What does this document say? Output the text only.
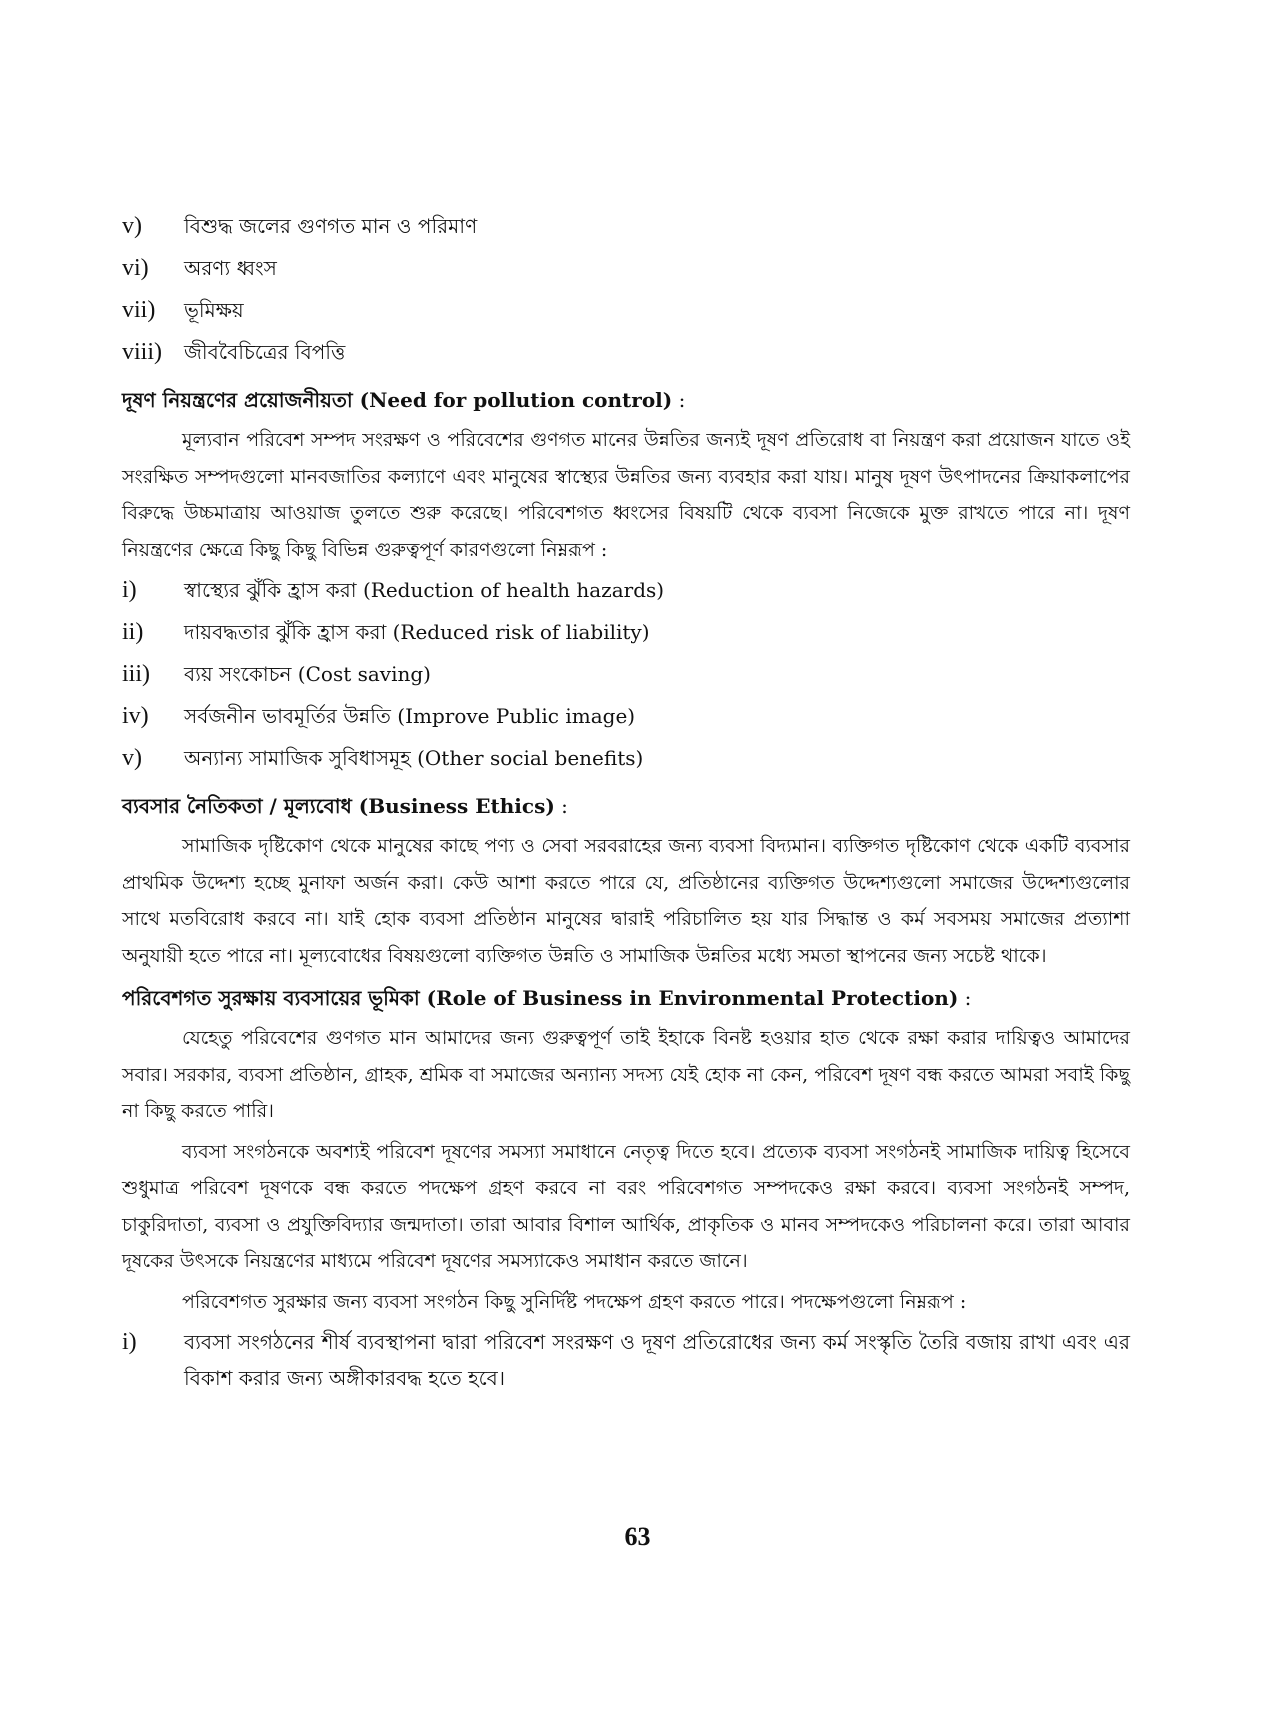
v)	বিশুদ্ধ জলের গুণগত মান ও পরিমাণ
vi)	অরণ্য ধ্বংস
vii)	ভূমিক্ষয়
viii)	জীববৈচিত্রের বিপত্তি
দূষণ নিয়ন্ত্রণের প্রয়োজনীয়তা (Need for pollution control) :

মূল্যবান পরিবেশ সম্পদ সংরক্ষণ ও পরিবেশের গুণগত মানের উন্নতির জন্যই দূষণ প্রতিরোধ বা নিয়ন্ত্রণ করা প্রয়োজন যাতে ওই সংরক্ষিত সম্পদগুলো মানবজাতির কল্যাণে এবং মানুষের স্বাস্থ্যের উন্নতির জন্য ব্যবহার করা যায়। মানুষ দূষণ উৎপাদনের ক্রিয়াকলাপের বিরুদ্ধে উচ্চমাত্রায় আওয়াজ তুলতে শুরু করেছে। পরিবেশগত ধ্বংসের বিষয়টি থেকে ব্যবসা নিজেকে মুক্ত রাখতে পারে না। দূষণ নিয়ন্ত্রণের ক্ষেত্রে কিছু কিছু বিভিন্ন গুরুত্বপূর্ণ কারণগুলো নিম্নরূপ :

i)	স্বাস্থ্যের ঝুঁকি হ্রাস করা (Reduction of health hazards)
ii)	দায়বদ্ধতার ঝুঁকি হ্রাস করা (Reduced risk of liability)
iii)	ব্যয় সংকোচন (Cost saving)
iv)	সর্বজনীন ভাবমূর্তির উন্নতি (Improve Public image)
v)	অন্যান্য সামাজিক সুবিধাসমূহ (Other social benefits)
ব্যবসার নৈতিকতা / মূল্যবোধ (Business Ethics) :

সামাজিক দৃষ্টিকোণ থেকে মানুষের কাছে পণ্য ও সেবা সরবরাহের জন্য ব্যবসা বিদ্যমান। ব্যক্তিগত দৃষ্টিকোণ থেকে একটি ব্যবসার প্রাথমিক উদ্দেশ্য হচ্ছে মুনাফা অর্জন করা। কেউ আশা করতে পারে যে, প্রতিষ্ঠানের ব্যক্তিগত উদ্দেশ্যগুলো সমাজের উদ্দেশ্যগুলোর সাথে মতবিরোধ করবে না। যাই হোক ব্যবসা প্রতিষ্ঠান মানুষের দ্বারাই পরিচালিত হয় যার সিদ্ধান্ত ও কর্ম সবসময় সমাজের প্রত্যাশা অনুযায়ী হতে পারে না। মূল্যবোধের বিষয়গুলো ব্যক্তিগত উন্নতি ও সামাজিক উন্নতির মধ্যে সমতা স্থাপনের জন্য সচেষ্ট থাকে।

পরিবেশগত সুরক্ষায় ব্যবসায়ের ভূমিকা (Role of Business in Environmental Protection) :

যেহেতু পরিবেশের গুণগত মান আমাদের জন্য গুরুত্বপূর্ণ তাই ইহাকে বিনষ্ট হওয়ার হাত থেকে রক্ষা করার দায়িত্বও আমাদের সবার। সরকার, ব্যবসা প্রতিষ্ঠান, গ্রাহক, শ্রমিক বা সমাজের অন্যান্য সদস্য যেই হোক না কেন, পরিবেশ দূষণ বন্ধ করতে আমরা সবাই কিছু না কিছু করতে পারি।

ব্যবসা সংগঠনকে অবশ্যই পরিবেশ দূষণের সমস্যা সমাধানে নেতৃত্ব দিতে হবে। প্রত্যেক ব্যবসা সংগঠনই সামাজিক দায়িত্ব হিসেবে শুধুমাত্র পরিবেশ দূষণকে বন্ধ করতে পদক্ষেপ গ্রহণ করবে না বরং পরিবেশগত সম্পদকেও রক্ষা করবে। ব্যবসা সংগঠনই সম্পদ, চাকুরিদাতা, ব্যবসা ও প্রযুক্তিবিদ্যার জন্মদাতা। তারা আবার বিশাল আর্থিক, প্রাকৃতিক ও মানব সম্পদকেও পরিচালনা করে। তারা আবার দূষকের উৎসকে নিয়ন্ত্রণের মাধ্যমে পরিবেশ দূষণের সমস্যাকেও সমাধান করতে জানে।

পরিবেশগত সুরক্ষার জন্য ব্যবসা সংগঠন কিছু সুনির্দিষ্ট পদক্ষেপ গ্রহণ করতে পারে। পদক্ষেপগুলো নিম্নরূপ :

i)	ব্যবসা সংগঠনের শীর্ষ ব্যবস্থাপনা দ্বারা পরিবেশ সংরক্ষণ ও দূষণ প্রতিরোধের জন্য কর্ম সংস্কৃতি তৈরি বজায় রাখা এবং এর বিকাশ করার জন্য অঙ্গীকারবদ্ধ হতে হবে।
63
